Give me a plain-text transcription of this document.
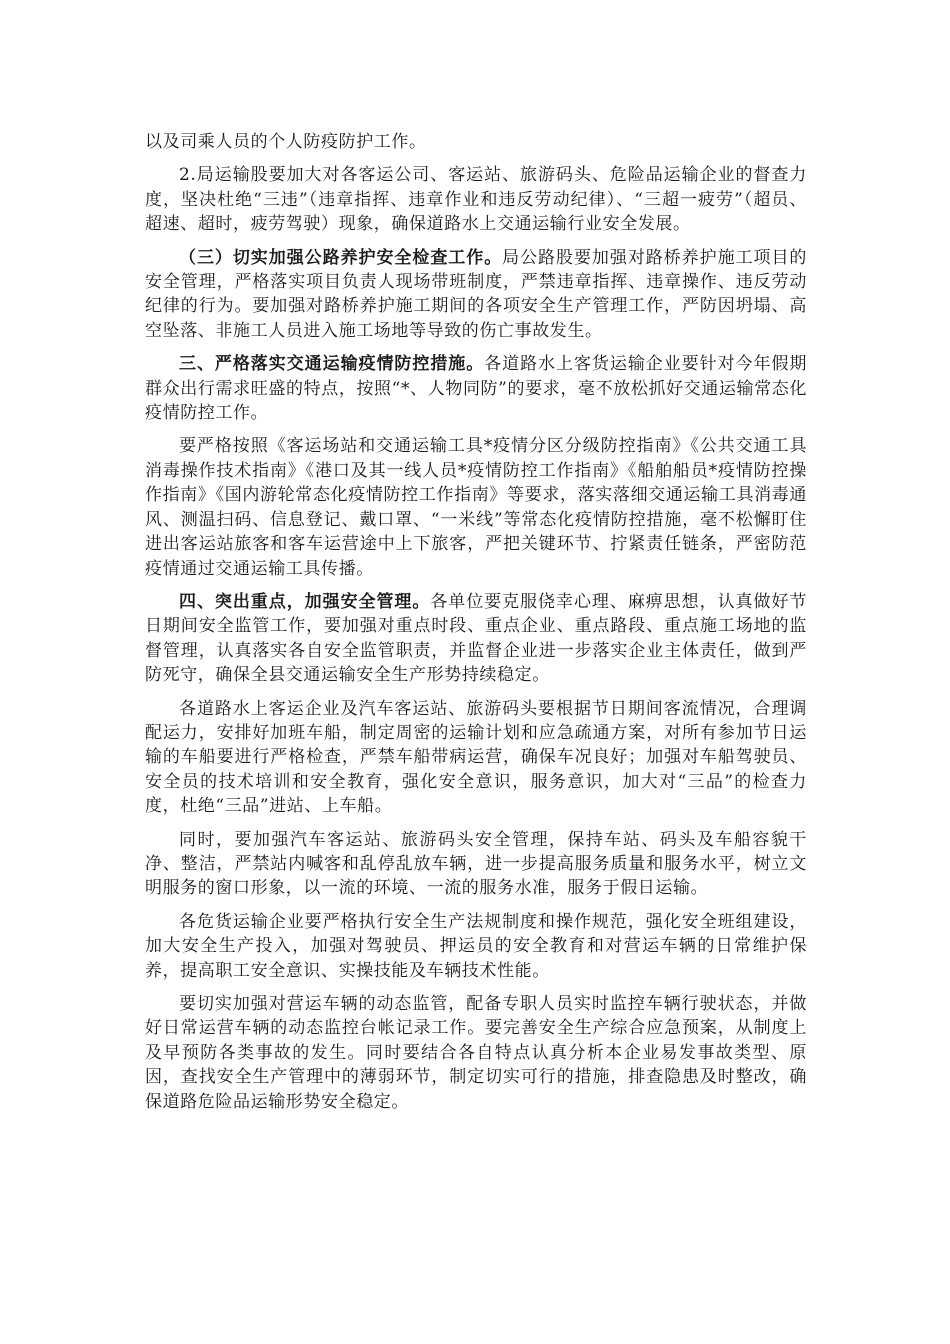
以及司乘人员的个人防疫防护工作。

2.局运输股要加大对各客运公司、客运站、旅游码头、危险品运输企业的督查力度，坚决杜绝“三违”（违章指挥、违章作业和违反劳动纪律）、“三超一疲劳”（超员、超速、超时，疲劳驾驶）现象，确保道路水上交通运输行业安全发展。

（三）切实加强公路养护安全检查工作。局公路股要加强对路桥养护施工项目的安全管理，严格落实项目负责人现场带班制度，严禁违章指挥、违章操作、违反劳动纪律的行为。要加强对路桥养护施工期间的各项安全生产管理工作，严防因坍塌、高空坠落、非施工人员进入施工场地等导致的伤亡事故发生。

三、严格落实交通运输疫情防控措施。各道路水上客货运输企业要针对今年假期群众出行需求旺盛的特点，按照“*、人物同防”的要求，毫不放松抓好交通运输常态化疫情防控工作。

要严格按照《客运场站和交通运输工具*疫情分区分级防控指南》《公共交通工具消毒操作技术指南》《港口及其一线人员*疫情防控工作指南》《船舶船员*疫情防控操作指南》《国内游轮常态化疫情防控工作指南》等要求，落实落细交通运输工具消毒通风、测温扫码、信息登记、戴口罩、“一米线”等常态化疫情防控措施，毫不松懈盯住进出客运站旅客和客车运营途中上下旅客，严把关键环节、拧紧责任链条，严密防范疫情通过交通运输工具传播。

四、突出重点，加强安全管理。各单位要克服侥幸心理、麻痹思想，认真做好节日期间安全监管工作，要加强对重点时段、重点企业、重点路段、重点施工场地的监督管理，认真落实各自安全监管职责，并监督企业进一步落实企业主体责任，做到严防死守，确保全县交通运输安全生产形势持续稳定。

各道路水上客运企业及汽车客运站、旅游码头要根据节日期间客流情况，合理调配运力，安排好加班车船，制定周密的运输计划和应急疏通方案，对所有参加节日运输的车船要进行严格检查，严禁车船带病运营，确保车况良好；加强对车船驾驶员、安全员的技术培训和安全教育，强化安全意识，服务意识，加大对“三品”的检查力度，杜绝“三品”进站、上车船。

同时，要加强汽车客运站、旅游码头安全管理，保持车站、码头及车船容貌干净、整洁，严禁站内喊客和乱停乱放车辆，进一步提高服务质量和服务水平，树立文明服务的窗口形象，以一流的环境、一流的服务水准，服务于假日运输。

各危货运输企业要严格执行安全生产法规制度和操作规范，强化安全班组建设，加大安全生产投入，加强对驾驶员、押运员的安全教育和对营运车辆的日常维护保养，提高职工安全意识、实操技能及车辆技术性能。

要切实加强对营运车辆的动态监管，配备专职人员实时监控车辆行驶状态，并做好日常运营车辆的动态监控台帐记录工作。要完善安全生产综合应急预案，从制度上及早预防各类事故的发生。同时要结合各自特点认真分析本企业易发事故类型、原因，查找安全生产管理中的薄弱环节，制定切实可行的措施，排查隐患及时整改，确保道路危险品运输形势安全稳定。
